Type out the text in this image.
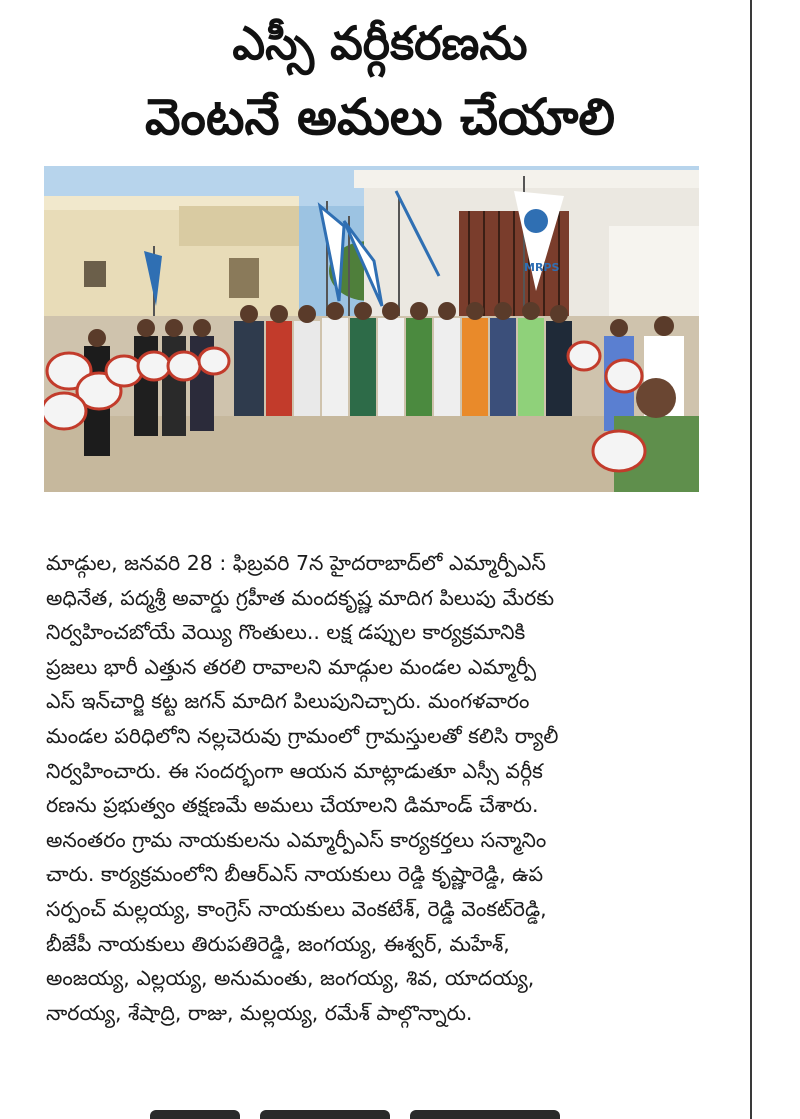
ఎస్సీ వర్గీకరణను
వెంటనే అమలు చేయాలి
MRPS
మాడ్గుల, జనవరి 28 : ఫిబ్రవరి 7న హైదరాబాద్‌లో ఎమ్మార్పీఎస్
అధినేత, పద్మశ్రీ అవార్డు గ్రహీత మందకృష్ణ మాదిగ పిలుపు మేరకు
నిర్వహించబోయే వెయ్యి గొంతులు.. లక్ష డప్పుల కార్యక్రమానికి
ప్రజలు భారీ ఎత్తున తరలి రావాలని మాడ్గుల మండల ఎమ్మార్పీ
ఎస్ ఇన్‌చార్జి కట్ట జగన్ మాదిగ పిలుపునిచ్చారు. మంగళవారం
మండల పరిధిలోని నల్లచెరువు గ్రామంలో గ్రామస్తులతో కలిసి ర్యాలీ
నిర్వహించారు. ఈ సందర్భంగా ఆయన మాట్లాడుతూ ఎస్సీ వర్గీక
రణను ప్రభుత్వం తక్షణమే అమలు చేయాలని డిమాండ్ చేశారు.
అనంతరం గ్రామ నాయకులను ఎమ్మార్పీఎస్ కార్యకర్తలు సన్మానిం
చారు. కార్యక్రమంలోని బీఆర్ఎస్ నాయకులు రెడ్డి కృష్ణారెడ్డి, ఉప
సర్పంచ్ మల్లయ్య, కాంగ్రెస్ నాయకులు వెంకటేశ్, రెడ్డి వెంకట్‌రెడ్డి,
బీజేపీ నాయకులు తిరుపతిరెడ్డి, జంగయ్య, ఈశ్వర్, మహేశ్,
అంజయ్య, ఎల్లయ్య, అనుమంతు, జంగయ్య, శివ, యాదయ్య,
నారయ్య, శేషాద్రి, రాజు, మల్లయ్య, రమేశ్ పాల్గొన్నారు.
